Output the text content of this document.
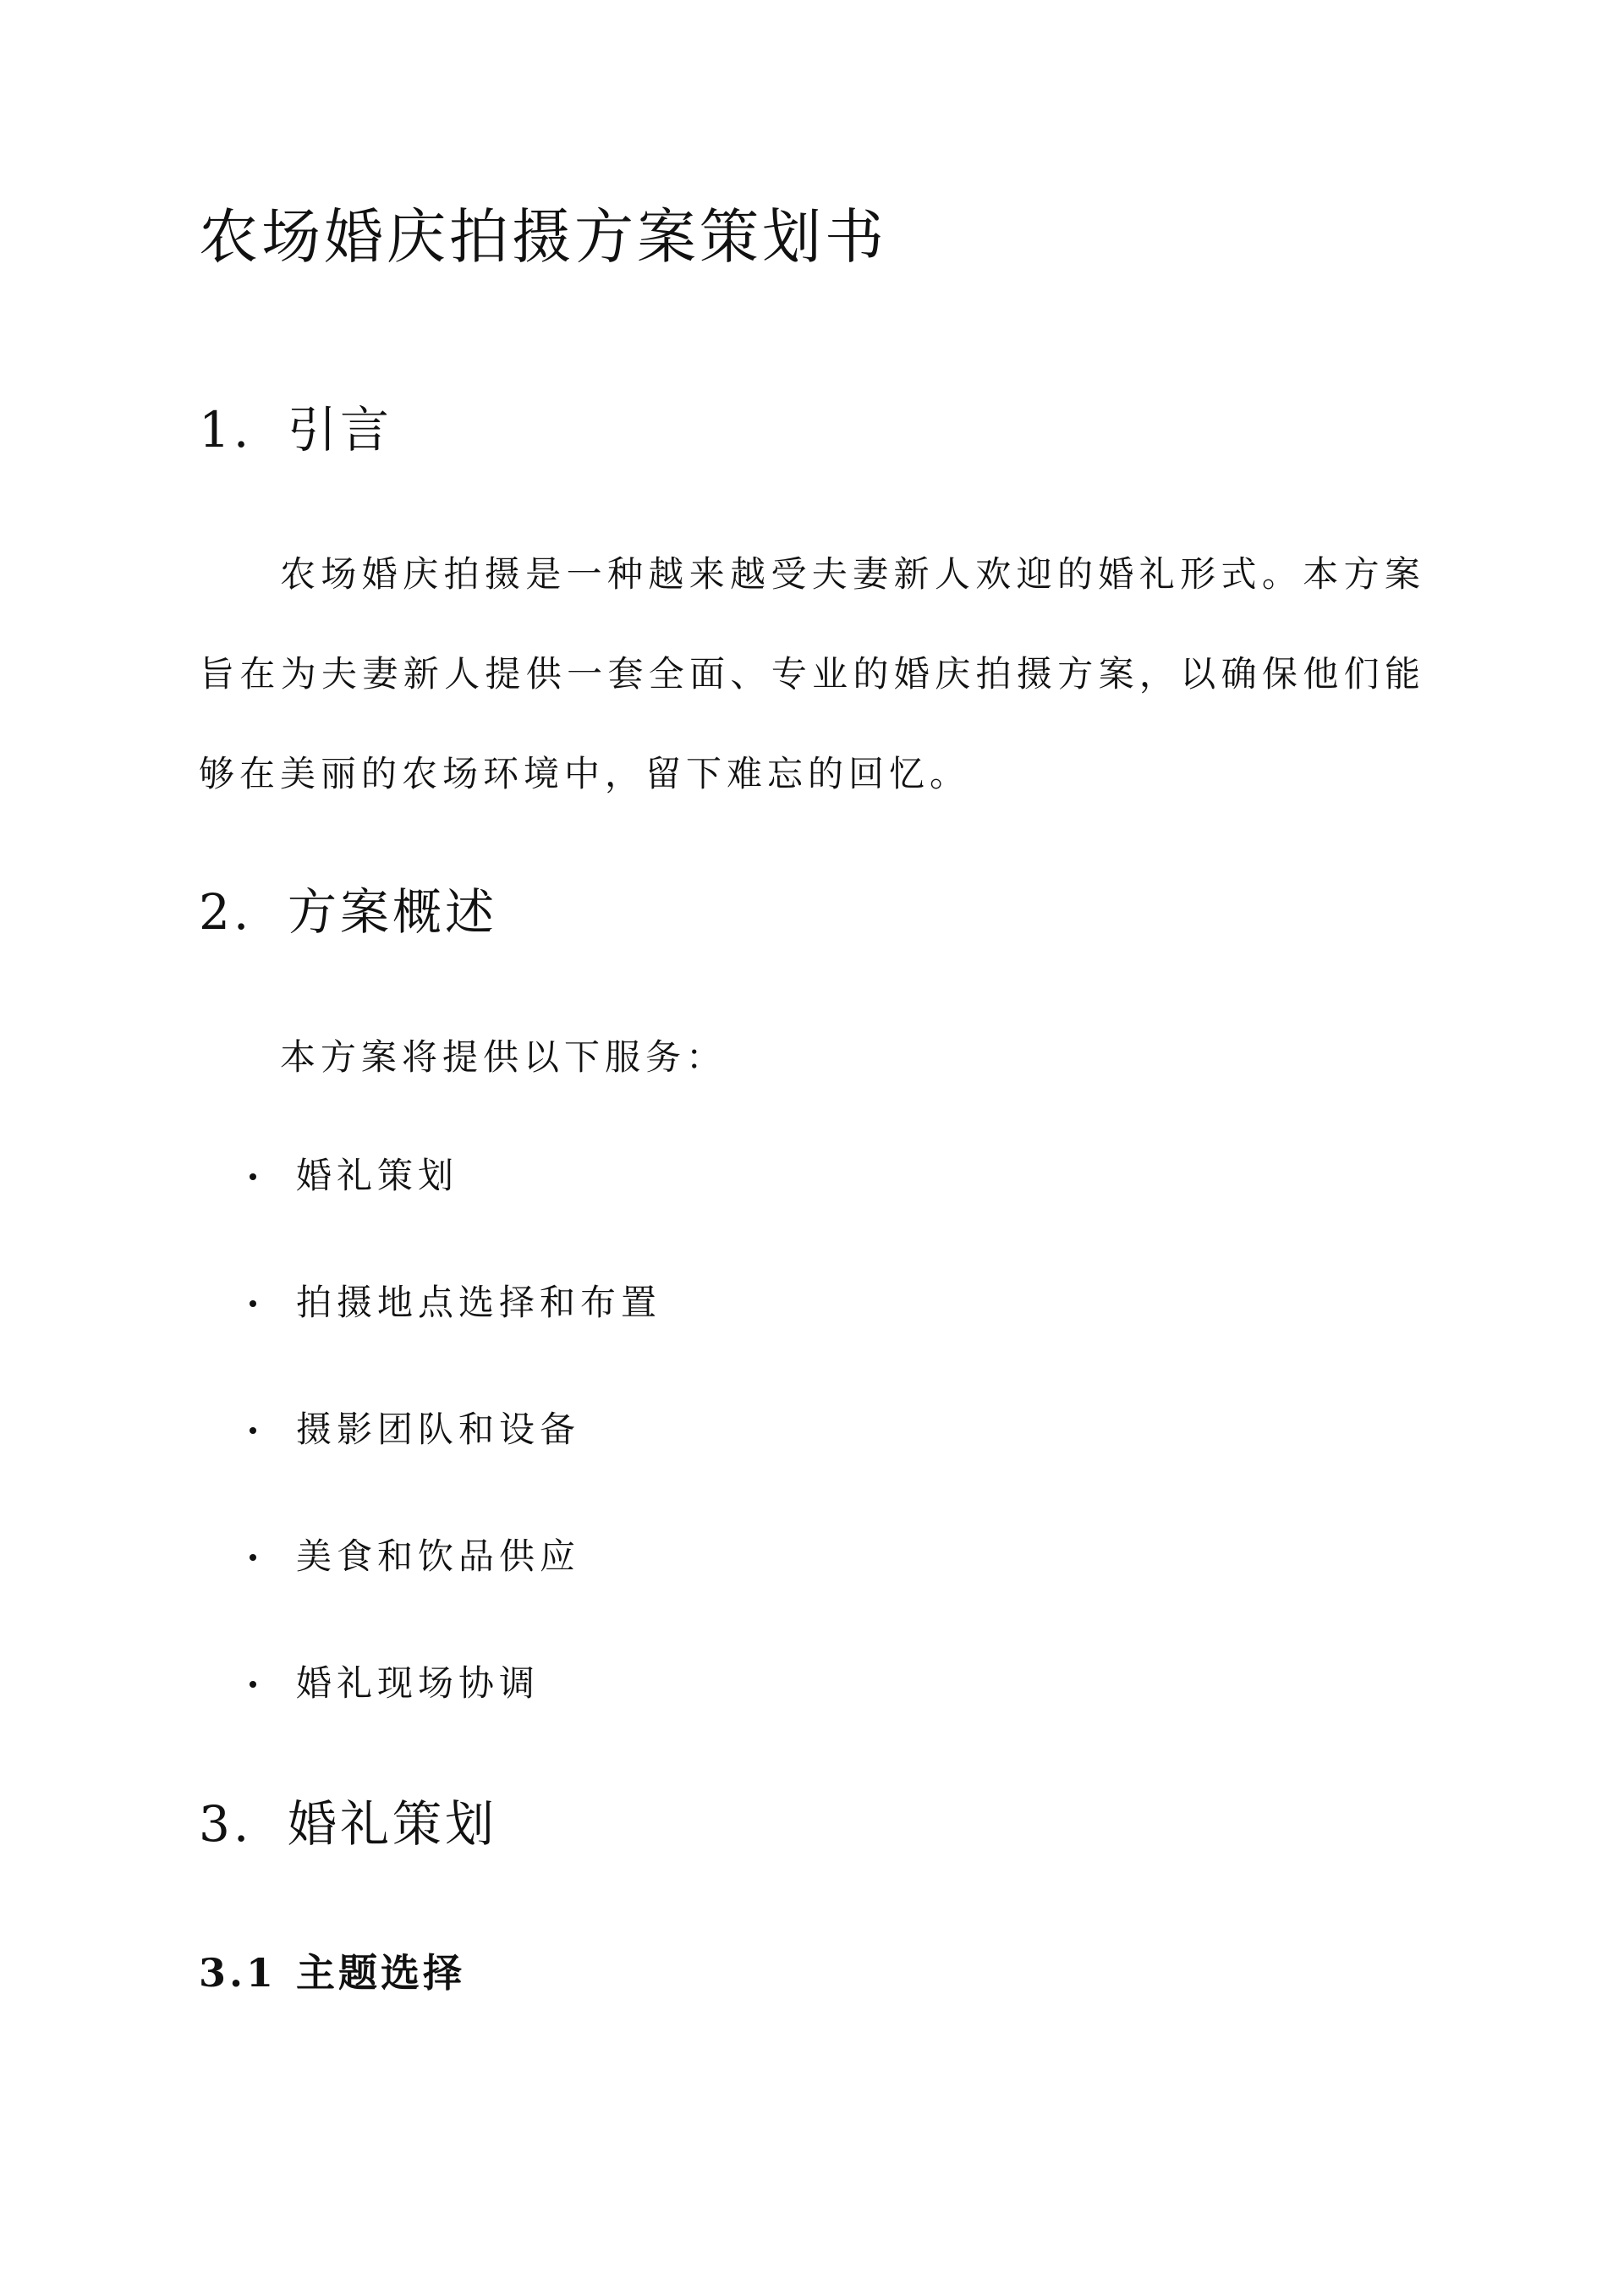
农场婚庆拍摄方案策划书
1. 引言

农场婚庆拍摄是一种越来越受夫妻新人欢迎的婚礼形式。本方案旨在为夫妻新人提供一套全面、专业的婚庆拍摄方案，以确保他们能够在美丽的农场环境中，留下难忘的回忆。

2. 方案概述

本方案将提供以下服务：

婚礼策划
拍摄地点选择和布置
摄影团队和设备
美食和饮品供应
婚礼现场协调
3. 婚礼策划
3.1 主题选择
